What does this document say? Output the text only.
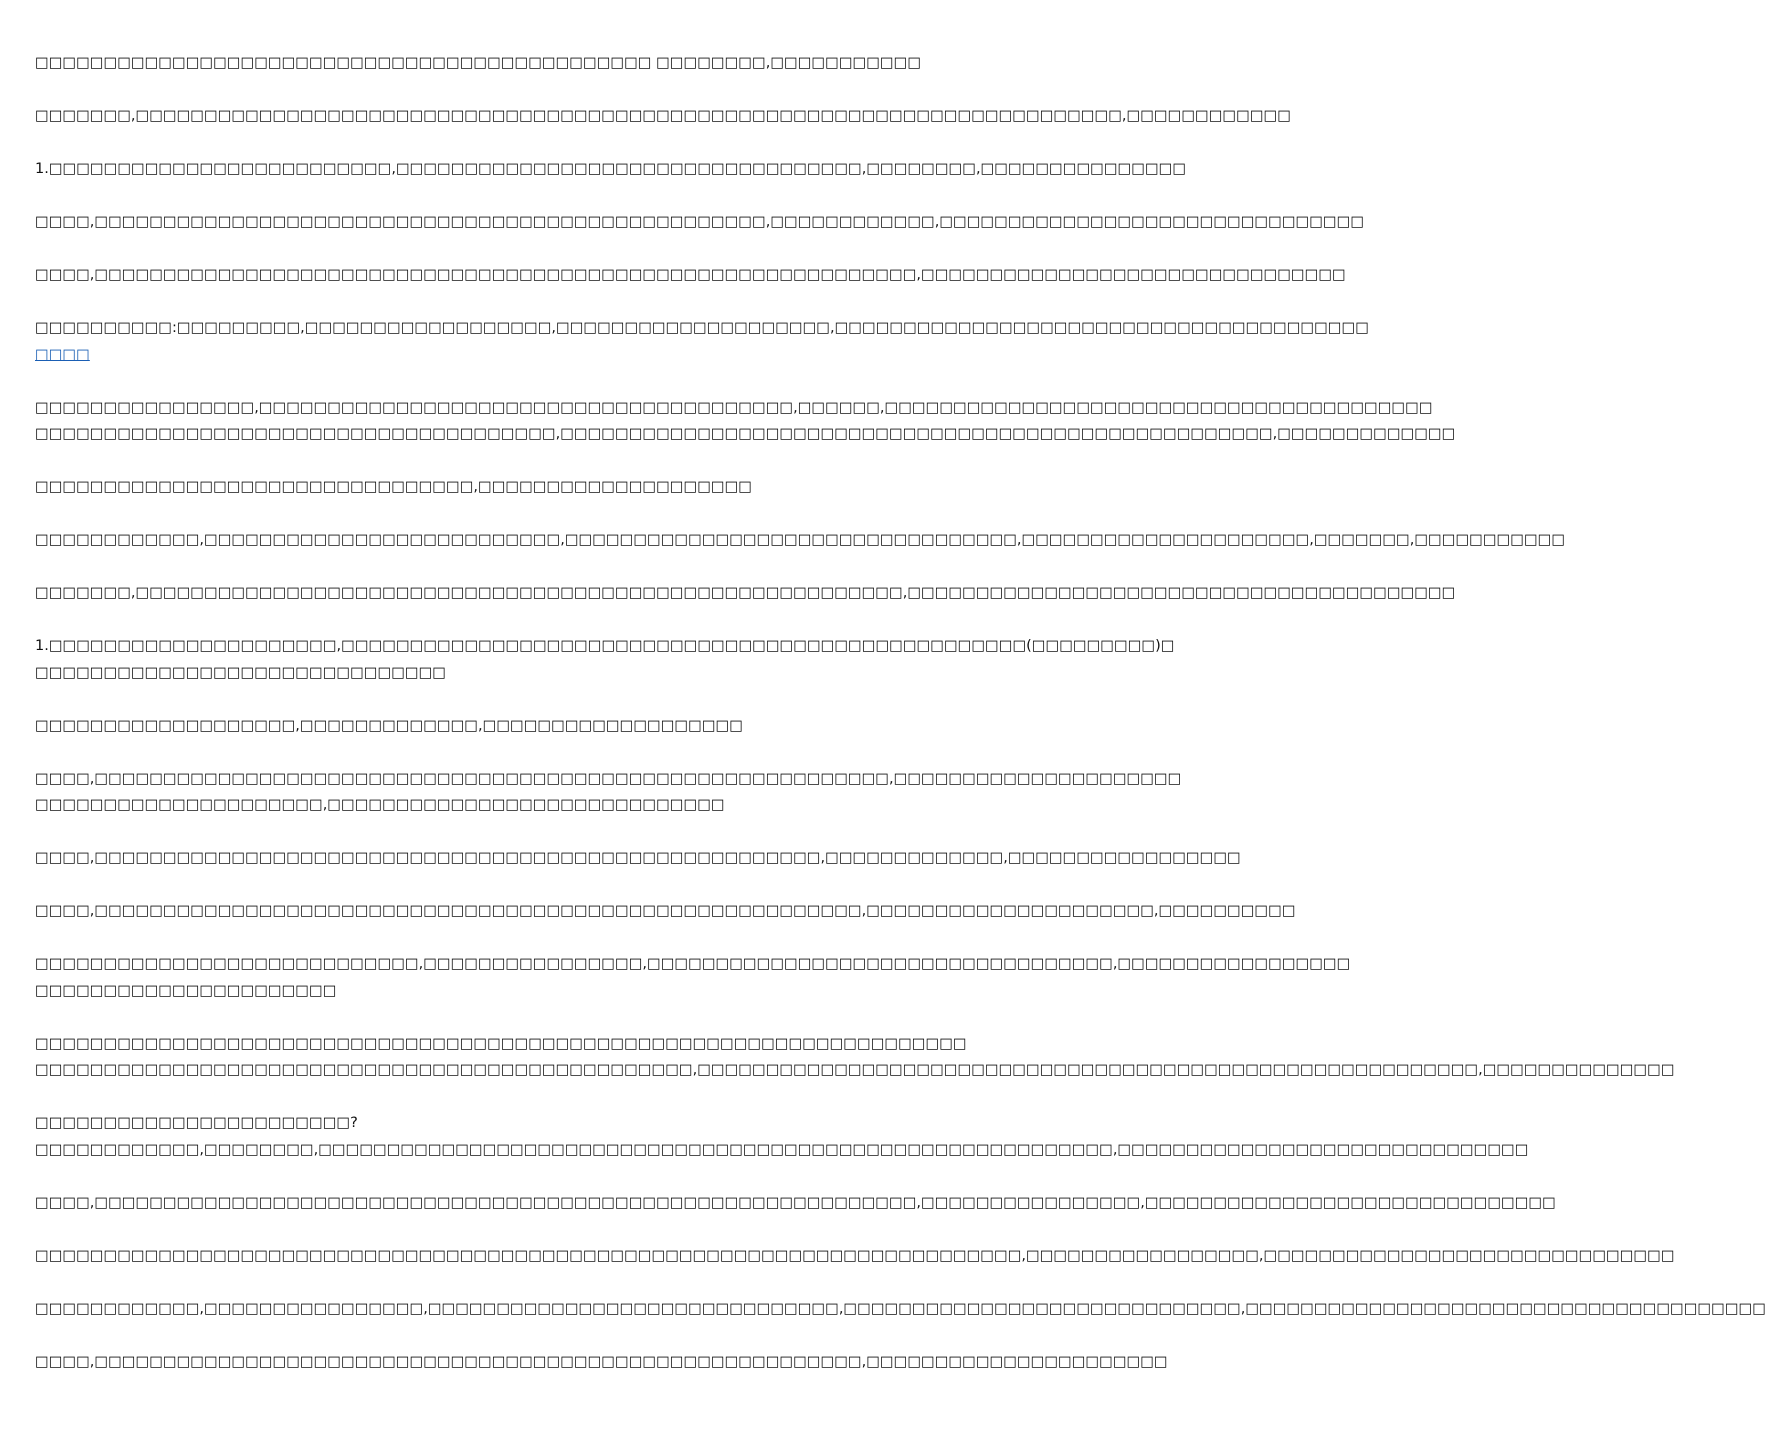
□□□□□□□□□□□□□□□□□□□□□□□□□□□□□□□□□□□□□□□□□□□□□ □□□□□□□□,□□□□□□□□□□□
□□□□□□□,□□□□□□□□□□□□□□□□□□□□□□□□□□□□□□□□□□□□□□□□□□□□□□□□□□□□□□□□□□□□□□□□□□□□□□□□,□□□□□□□□□□□□
1.□□□□□□□□□□□□□□□□□□□□□□□□□,□□□□□□□□□□□□□□□□□□□□□□□□□□□□□□□□□□,□□□□□□□□,□□□□□□□□□□□□□□□
□□□□,□□□□□□□□□□□□□□□□□□□□□□□□□□□□□□□□□□□□□□□□□□□□□□□□□,□□□□□□□□□□□□,□□□□□□□□□□□□□□□□□□□□□□□□□□□□□□□
□□□□,□□□□□□□□□□□□□□□□□□□□□□□□□□□□□□□□□□□□□□□□□□□□□□□□□□□□□□□□□□□□,□□□□□□□□□□□□□□□□□□□□□□□□□□□□□□□
□□□□□□□□□□:□□□□□□□□□,□□□□□□□□□□□□□□□□□□,□□□□□□□□□□□□□□□□□□□□,□□□□□□□□□□□□□□□□□□□□□□□□□□□□□□□□□□□□□□□
□□□□
□□□□□□□□□□□□□□□□,□□□□□□□□□□□□□□□□□□□□□□□□□□□□□□□□□□□□□□□,□□□□□□,□□□□□□□□□□□□□□□□□□□□□□□□□□□□□□□□□□□□□□□□
□□□□□□□□□□□□□□□□□□□□□□□□□□□□□□□□□□□□□□,□□□□□□□□□□□□□□□□□□□□□□□□□□□□□□□□□□□□□□□□□□□□□□□□□□□□,□□□□□□□□□□□□□
□□□□□□□□□□□□□□□□□□□□□□□□□□□□□□□□,□□□□□□□□□□□□□□□□□□□□
□□□□□□□□□□□□,□□□□□□□□□□□□□□□□□□□□□□□□□□,□□□□□□□□□□□□□□□□□□□□□□□□□□□□□□□□□,□□□□□□□□□□□□□□□□□□□□□,□□□□□□□,□□□□□□□□□□□
□□□□□□□,□□□□□□□□□□□□□□□□□□□□□□□□□□□□□□□□□□□□□□□□□□□□□□□□□□□□□□□□,□□□□□□□□□□□□□□□□□□□□□□□□□□□□□□□□□□□□□□□□
1.□□□□□□□□□□□□□□□□□□□□□,□□□□□□□□□□□□□□□□□□□□□□□□□□□□□□□□□□□□□□□□□□□□□□□□□□(□□□□□□□□□)□
□□□□□□□□□□□□□□□□□□□□□□□□□□□□□□
□□□□□□□□□□□□□□□□□□□,□□□□□□□□□□□□□,□□□□□□□□□□□□□□□□□□□
□□□□,□□□□□□□□□□□□□□□□□□□□□□□□□□□□□□□□□□□□□□□□□□□□□□□□□□□□□□□□□□,□□□□□□□□□□□□□□□□□□□□□
□□□□□□□□□□□□□□□□□□□□□,□□□□□□□□□□□□□□□□□□□□□□□□□□□□□
□□□□,□□□□□□□□□□□□□□□□□□□□□□□□□□□□□□□□□□□□□□□□□□□□□□□□□□□□□,□□□□□□□□□□□□□,□□□□□□□□□□□□□□□□□
□□□□,□□□□□□□□□□□□□□□□□□□□□□□□□□□□□□□□□□□□□□□□□□□□□□□□□□□□□□□□,□□□□□□□□□□□□□□□□□□□□□,□□□□□□□□□□
□□□□□□□□□□□□□□□□□□□□□□□□□□□□,□□□□□□□□□□□□□□□□,□□□□□□□□□□□□□□□□□□□□□□□□□□□□□□□□□□,□□□□□□□□□□□□□□□□□
□□□□□□□□□□□□□□□□□□□□□□
□□□□□□□□□□□□□□□□□□□□□□□□□□□□□□□□□□□□□□□□□□□□□□□□□□□□□□□□□□□□□□□□□□□□
□□□□□□□□□□□□□□□□□□□□□□□□□□□□□□□□□□□□□□□□□□□□□□□□,□□□□□□□□□□□□□□□□□□□□□□□□□□□□□□□□□□□□□□□□□□□□□□□□□□□□□□□□□,□□□□□□□□□□□□□□
□□□□□□□□□□□□□□□□□□□□□□□?
□□□□□□□□□□□□,□□□□□□□□,□□□□□□□□□□□□□□□□□□□□□□□□□□□□□□□□□□□□□□□□□□□□□□□□□□□□□□□□□□,□□□□□□□□□□□□□□□□□□□□□□□□□□□□□□
□□□□,□□□□□□□□□□□□□□□□□□□□□□□□□□□□□□□□□□□□□□□□□□□□□□□□□□□□□□□□□□□□,□□□□□□□□□□□□□□□□,□□□□□□□□□□□□□□□□□□□□□□□□□□□□□□
□□□□□□□□□□□□□□□□□□□□□□□□□□□□□□□□□□□□□□□□□□□□□□□□□□□□□□□□□□□□□□□□□□□□□□□□,□□□□□□□□□□□□□□□□□,□□□□□□□□□□□□□□□□□□□□□□□□□□□□□□
□□□□□□□□□□□□,□□□□□□□□□□□□□□□□,□□□□□□□□□□□□□□□□□□□□□□□□□□□□□□,□□□□□□□□□□□□□□□□□□□□□□□□□□□□□,□□□□□□□□□□□□□□□□□□□□□□□□□□□□□□□□□□□□□□
□□□□,□□□□□□□□□□□□□□□□□□□□□□□□□□□□□□□□□□□□□□□□□□□□□□□□□□□□□□□□,□□□□□□□□□□□□□□□□□□□□□□
